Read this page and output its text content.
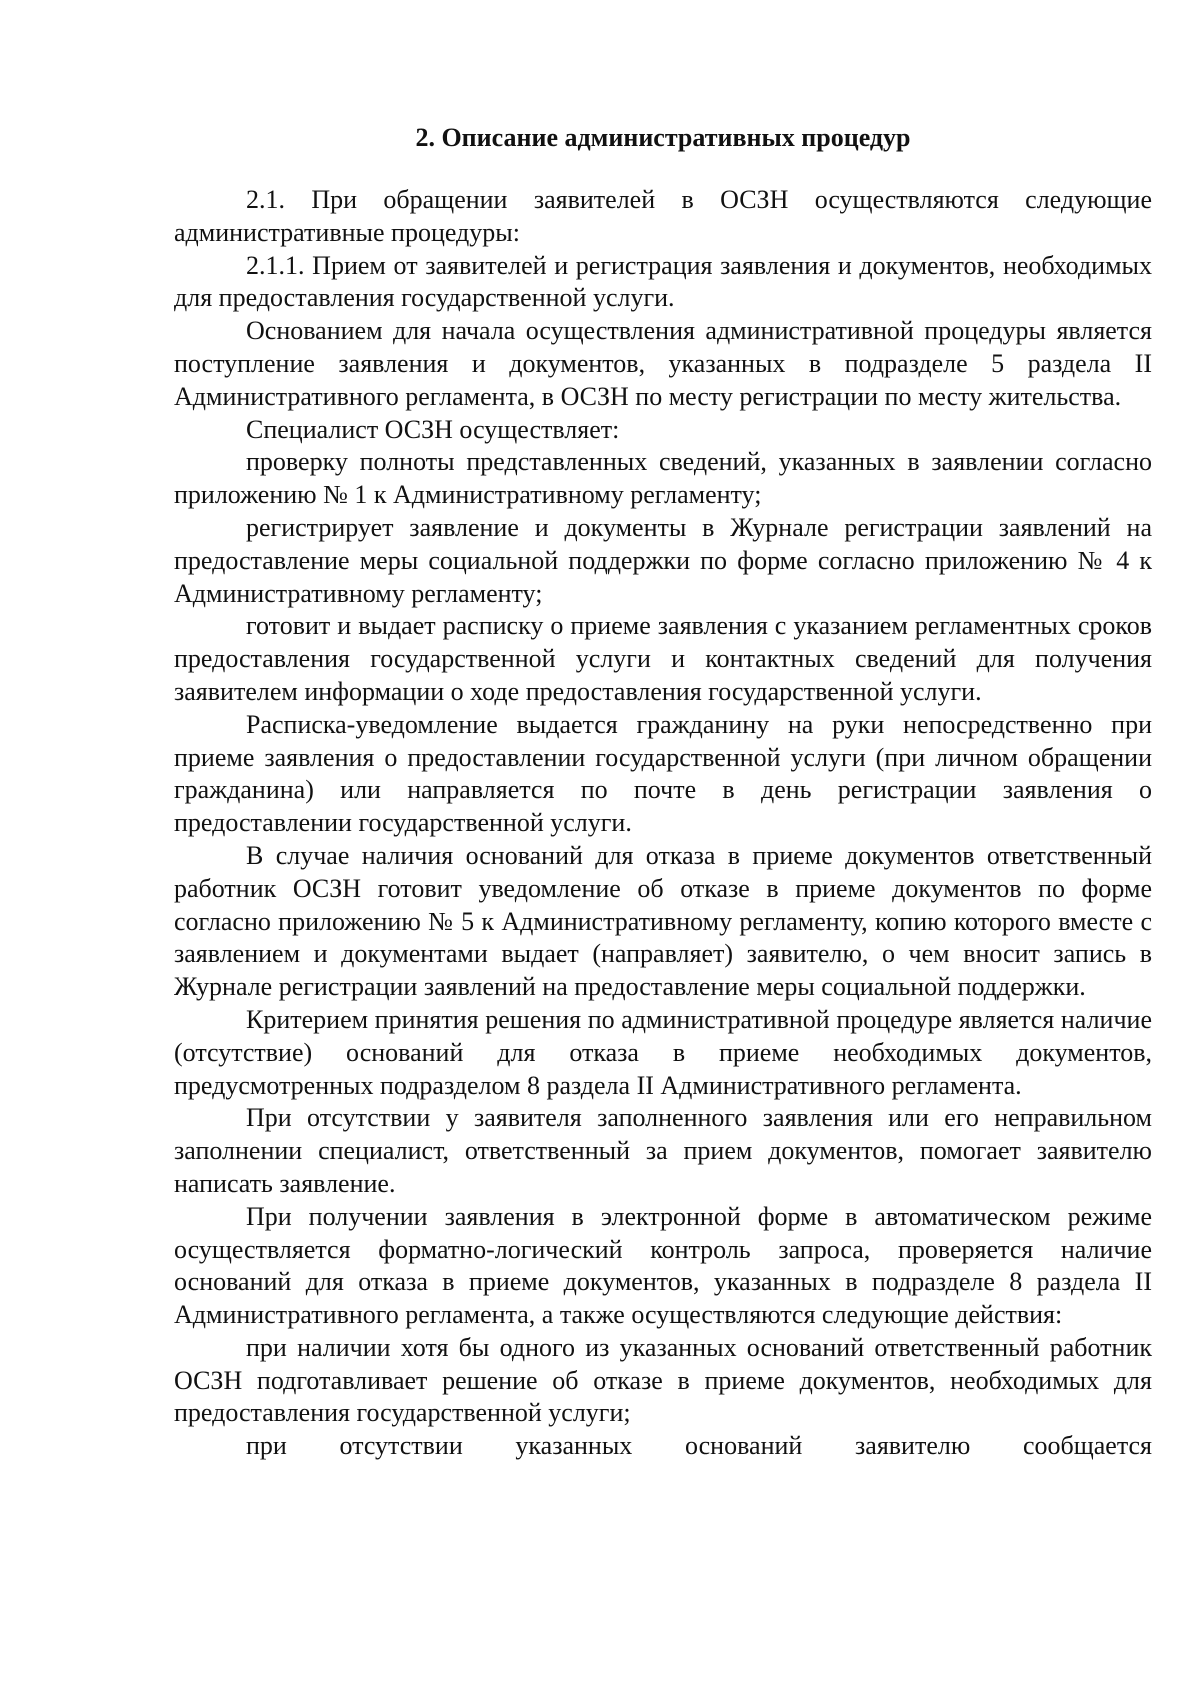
2. Описание административных процедур

2.1. При обращении заявителей в ОСЗН осуществляются следующие административные процедуры:

2.1.1. Прием от заявителей и регистрация заявления и документов, необходимых для предоставления государственной услуги.

Основанием для начала осуществления административной процедуры является поступление заявления и документов, указанных в подразделе 5 раздела II Административного регламента, в ОСЗН по месту регистрации по месту жительства.

Специалист ОСЗН осуществляет:

проверку полноты представленных сведений, указанных в заявлении согласно приложению № 1 к Административному регламенту;

регистрирует заявление и документы в Журнале регистрации заявлений на предоставление меры социальной поддержки по форме согласно приложению № 4 к Административному регламенту;

готовит и выдает расписку о приеме заявления с указанием регламентных сроков предоставления государственной услуги и контактных сведений для получения заявителем информации о ходе предоставления государственной услуги.

Расписка-уведомление выдается гражданину на руки непосредственно при приеме заявления о предоставлении государственной услуги (при личном обращении гражданина) или направляется по почте в день регистрации заявления о предоставлении государственной услуги.

В случае наличия оснований для отказа в приеме документов ответственный работник ОСЗН готовит уведомление об отказе в приеме документов по форме согласно приложению № 5 к Административному регламенту, копию которого вместе с заявлением и документами выдает (направляет) заявителю, о чем вносит запись в Журнале регистрации заявлений на предоставление меры социальной поддержки.

Критерием принятия решения по административной процедуре является наличие (отсутствие) оснований для отказа в приеме необходимых документов, предусмотренных подразделом 8 раздела II Административного регламента.

При отсутствии у заявителя заполненного заявления или его неправильном заполнении специалист, ответственный за прием документов, помогает заявителю написать заявление.

При получении заявления в электронной форме в автоматическом режиме осуществляется форматно-логический контроль запроса, проверяется наличие оснований для отказа в приеме документов, указанных в подразделе 8 раздела II Административного регламента, а также осуществляются следующие действия:

при наличии хотя бы одного из указанных оснований ответственный работник ОСЗН подготавливает решение об отказе в приеме документов, необходимых для предоставления государственной услуги;

при отсутствии указанных оснований заявителю сообщается
